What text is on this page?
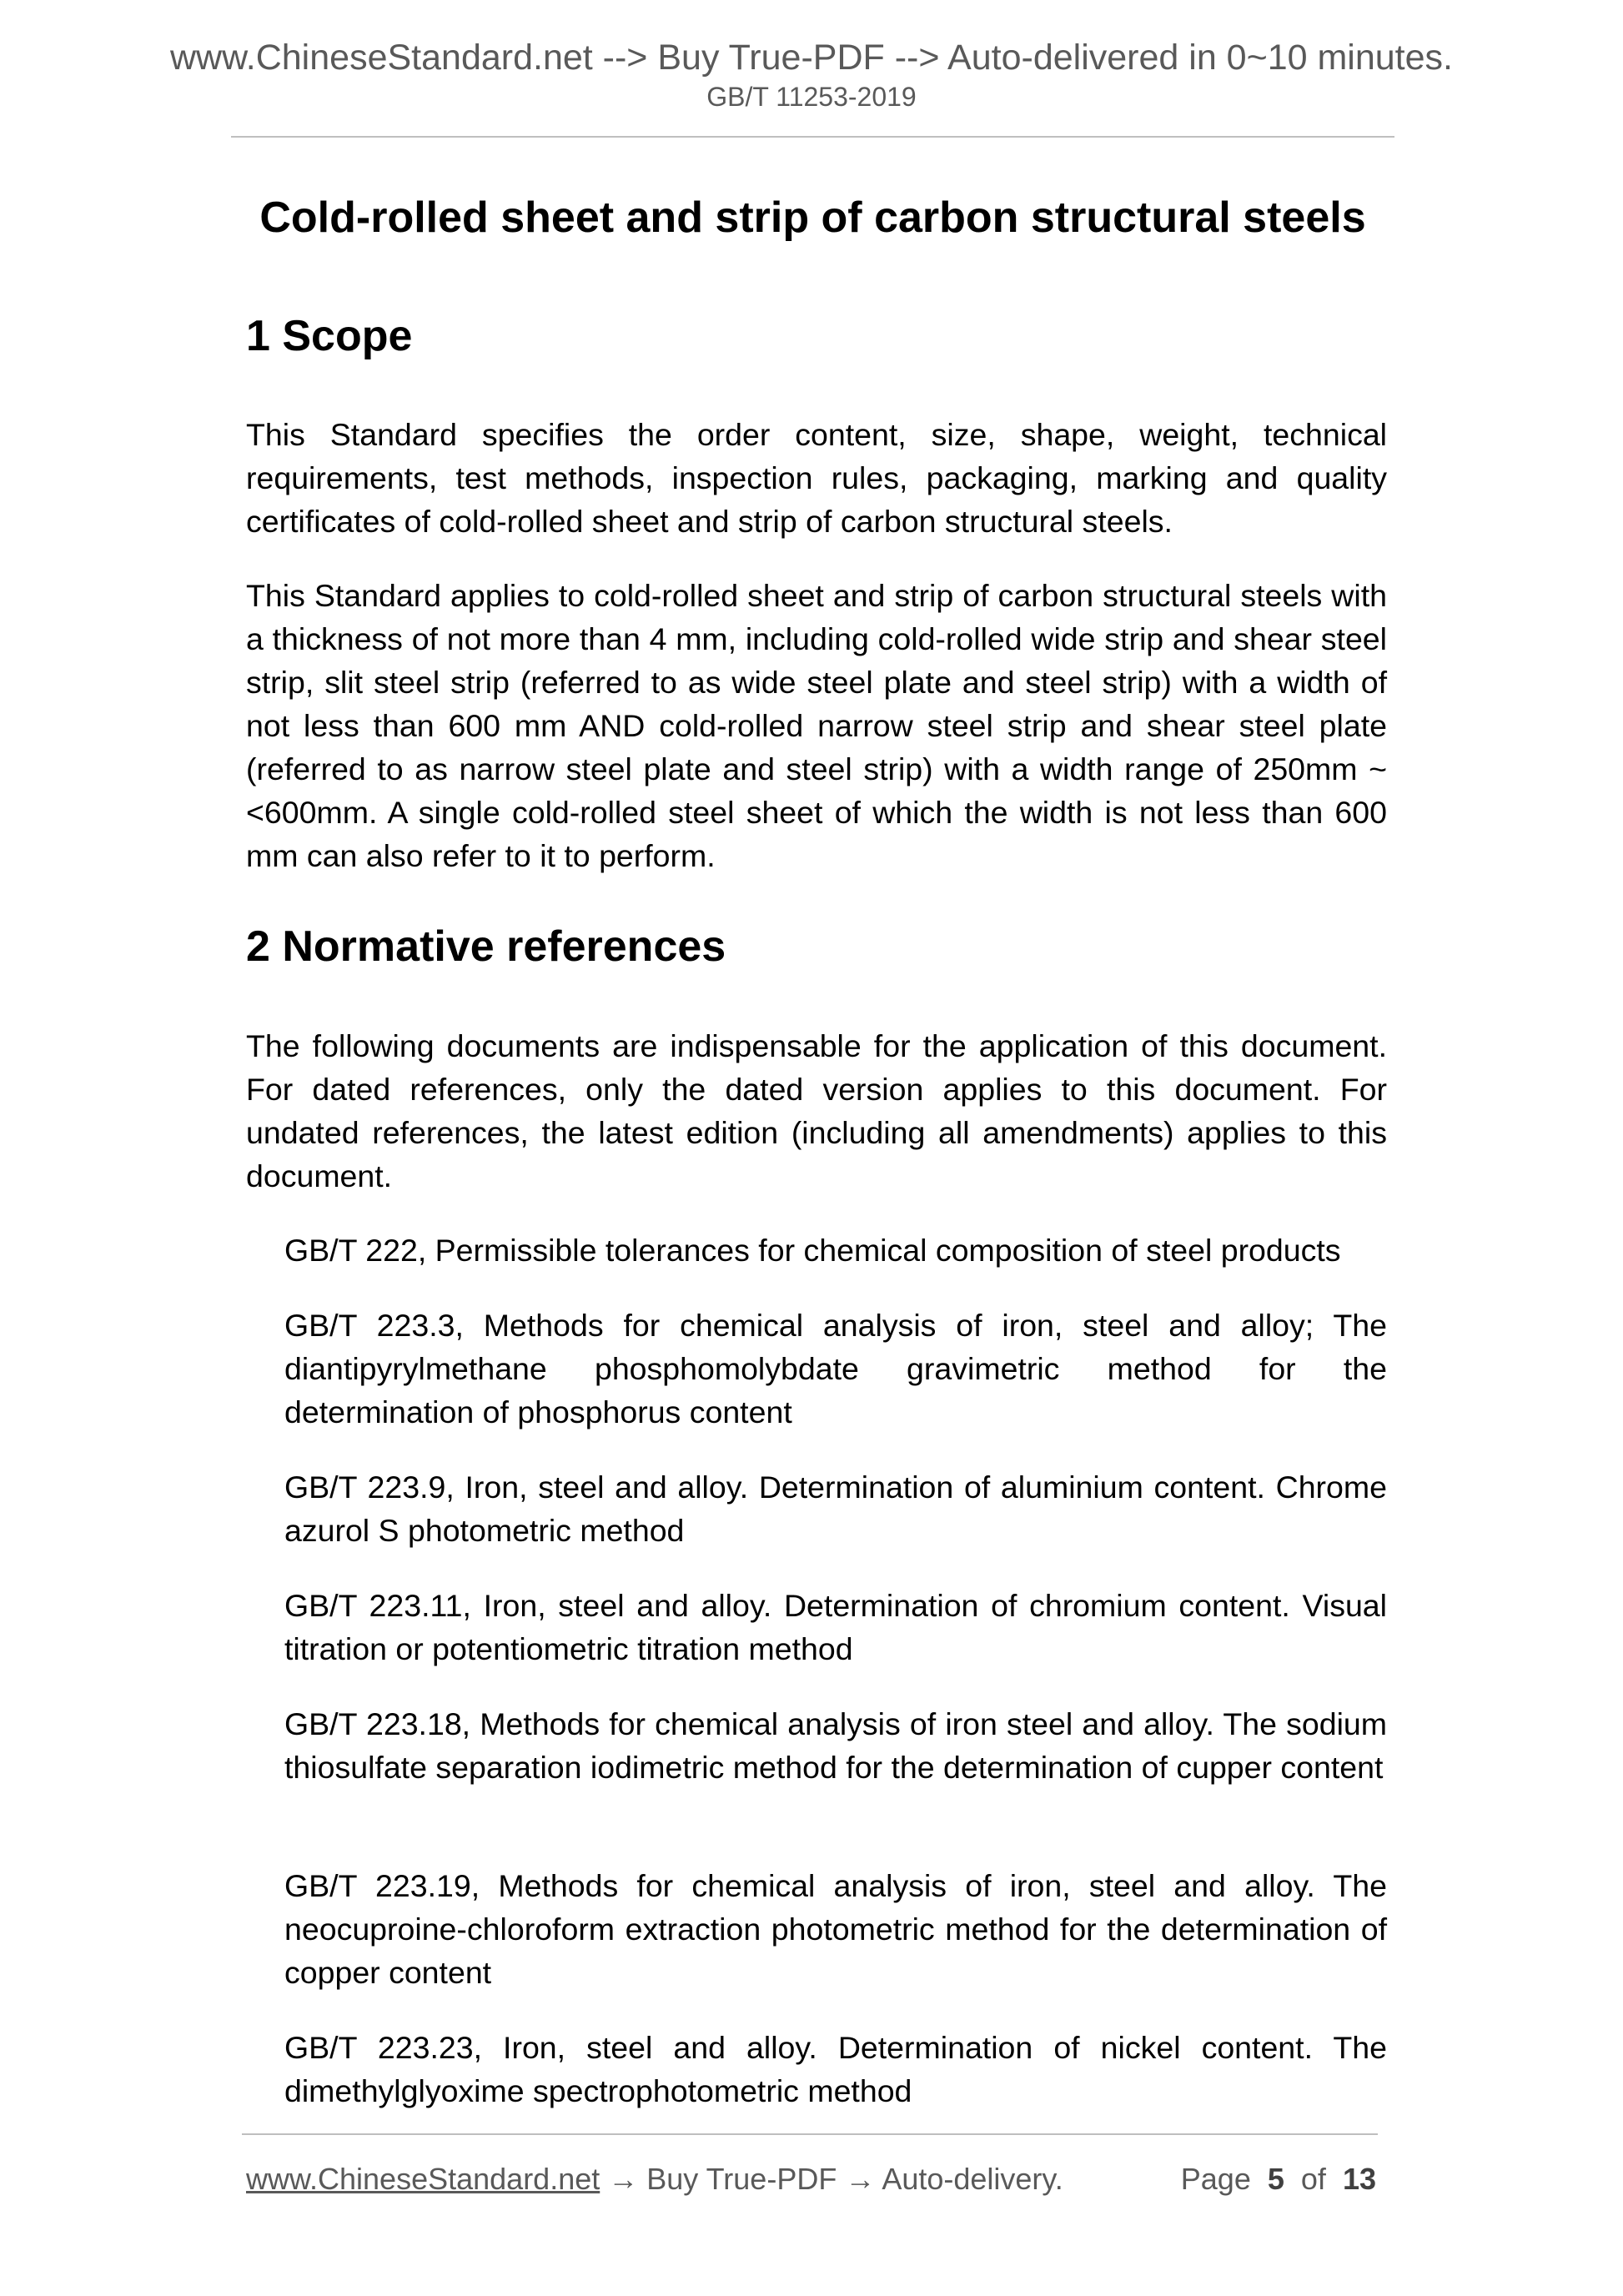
www.ChineseStandard.net --> Buy True-PDF --> Auto-delivered in 0~10 minutes.
GB/T 11253-2019
Cold-rolled sheet and strip of carbon structural steels
1 Scope
This Standard specifies the order content, size, shape, weight, technical requirements, test methods, inspection rules, packaging, marking and quality certificates of cold-rolled sheet and strip of carbon structural steels.
This Standard applies to cold-rolled sheet and strip of carbon structural steels with a thickness of not more than 4 mm, including cold-rolled wide strip and shear steel strip, slit steel strip (referred to as wide steel plate and steel strip) with a width of not less than 600 mm AND cold-rolled narrow steel strip and shear steel plate (referred to as narrow steel plate and steel strip) with a width range of 250mm ~ <600mm. A single cold-rolled steel sheet of which the width is not less than 600 mm can also refer to it to perform.
2 Normative references
The following documents are indispensable for the application of this document. For dated references, only the dated version applies to this document. For undated references, the latest edition (including all amendments) applies to this document.
GB/T 222, Permissible tolerances for chemical composition of steel products
GB/T 223.3, Methods for chemical analysis of iron, steel and alloy; The diantipyrylmethane phosphomolybdate gravimetric method for the determination of phosphorus content
GB/T 223.9, Iron, steel and alloy. Determination of aluminium content. Chrome azurol S photometric method
GB/T 223.11, Iron, steel and alloy. Determination of chromium content. Visual titration or potentiometric titration method
GB/T 223.18, Methods for chemical analysis of iron steel and alloy. The sodium thiosulfate separation iodimetric method for the determination of cupper content
GB/T 223.19, Methods for chemical analysis of iron, steel and alloy. The neocuproine-chloroform extraction photometric method for the determination of copper content
GB/T 223.23, Iron, steel and alloy. Determination of nickel content. The dimethylglyoxime spectrophotometric method
www.ChineseStandard.net → Buy True-PDF → Auto-delivery.	Page 5 of 13
